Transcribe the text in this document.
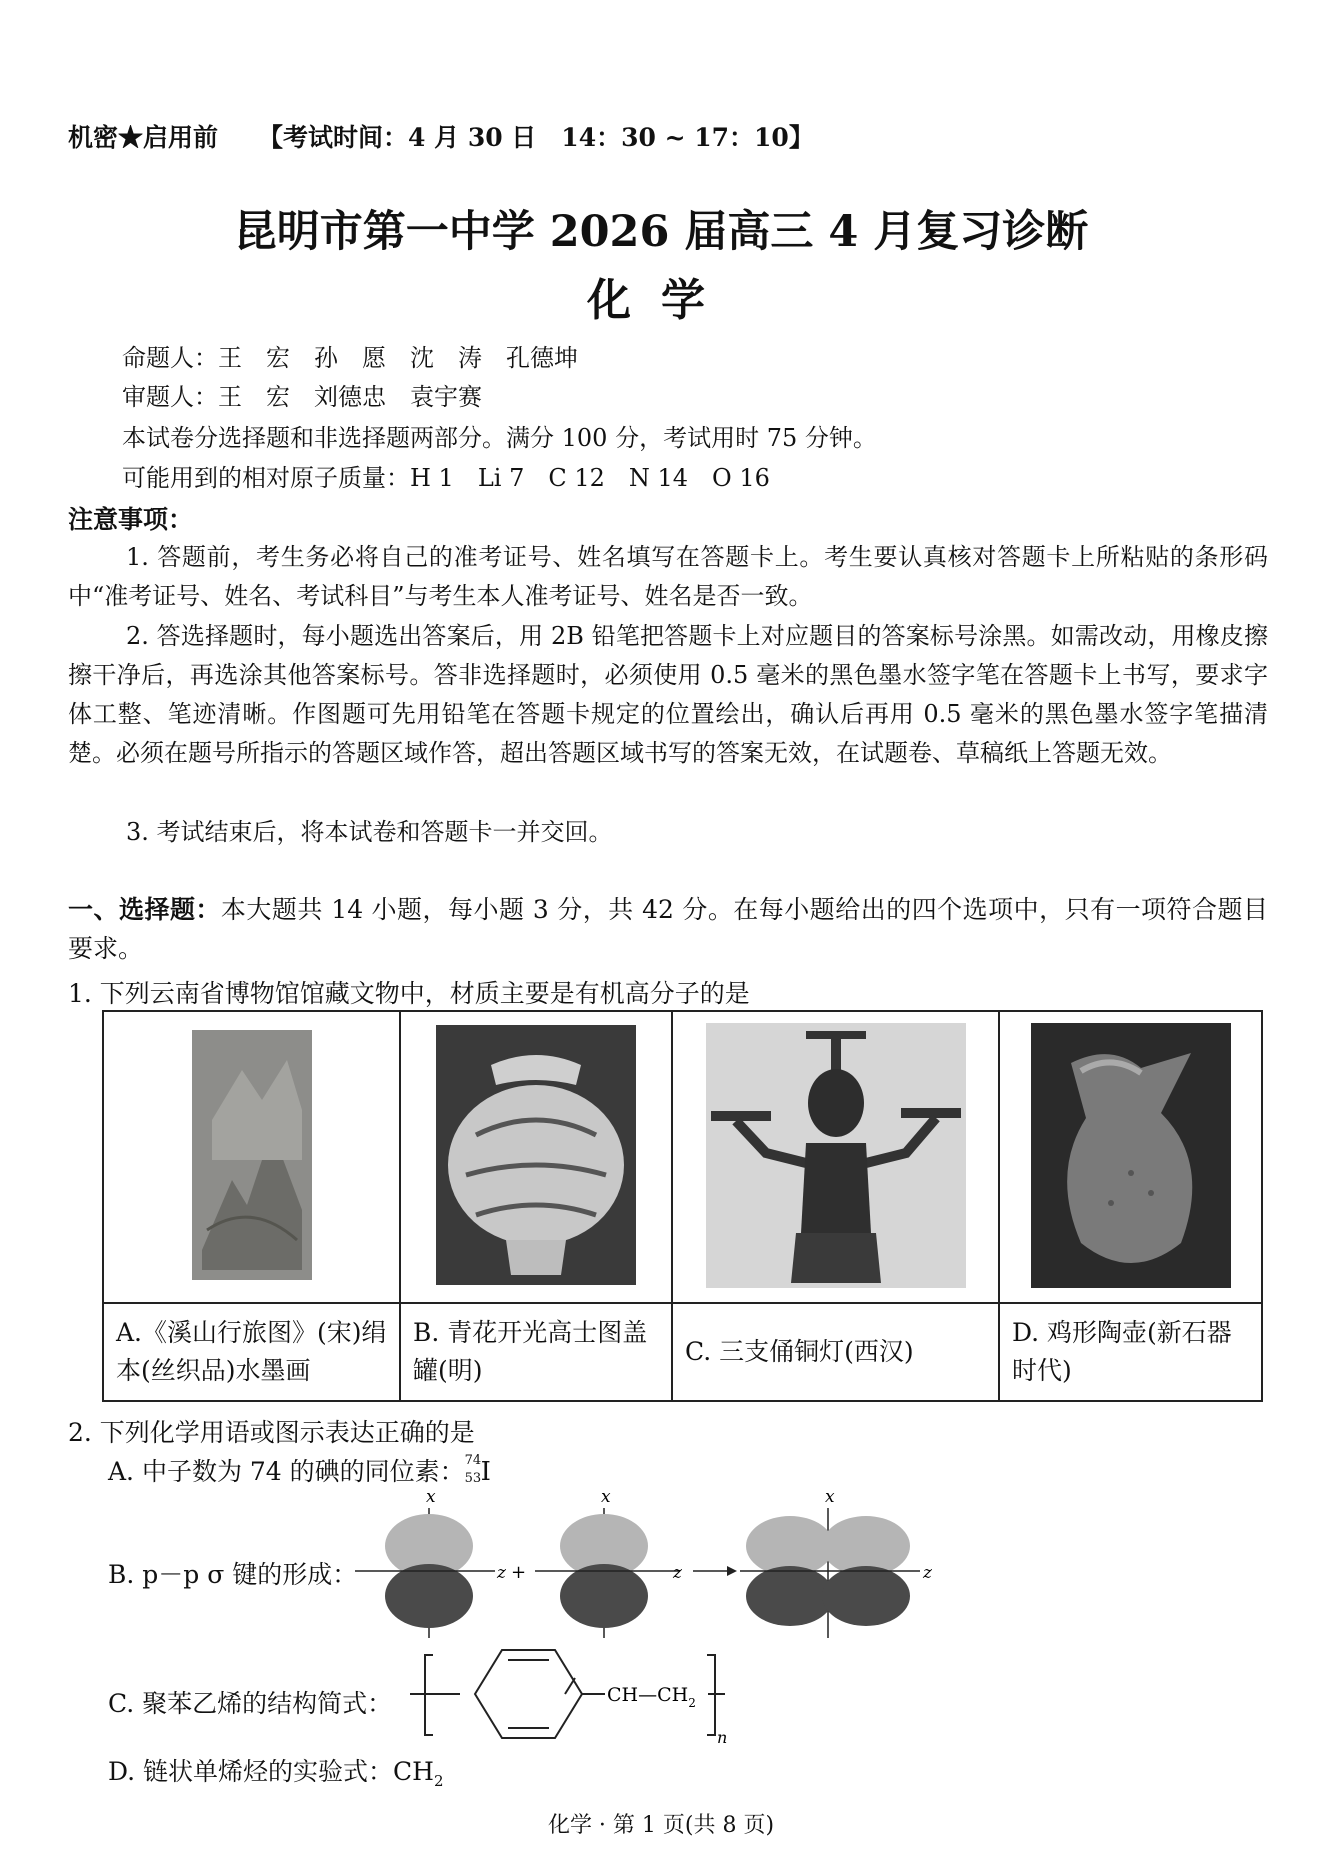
机密★启用前 【考试时间：4 月 30 日　14：30 ~ 17：10】
昆明市第一中学 2026 届高三 4 月复习诊断
化学
命题人：王　宏　孙　愿　沈　涛　孔德坤
审题人：王　宏　刘德忠　袁宇赛
本试卷分选择题和非选择题两部分。满分 100 分，考试用时 75 分钟。
可能用到的相对原子质量：H 1　Li 7　C 12　N 14　O 16
注意事项：
1. 答题前，考生务必将自己的准考证号、姓名填写在答题卡上。考生要认真核对答题卡上所粘贴的条形码中“准考证号、姓名、考试科目”与考生本人准考证号、姓名是否一致。
2. 答选择题时，每小题选出答案后，用 2B 铅笔把答题卡上对应题目的答案标号涂黑。如需改动，用橡皮擦擦干净后，再选涂其他答案标号。答非选择题时，必须使用 0.5 毫米的黑色墨水签字笔在答题卡上书写，要求字体工整、笔迹清晰。作图题可先用铅笔在答题卡规定的位置绘出，确认后再用 0.5 毫米的黑色墨水签字笔描清楚。必须在题号所指示的答题区域作答，超出答题区域书写的答案无效，在试题卷、草稿纸上答题无效。
3. 考试结束后，将本试卷和答题卡一并交回。
一、选择题：本大题共 14 小题，每小题 3 分，共 42 分。在每小题给出的四个选项中，只有一项符合题目要求。
1. 下列云南省博物馆馆藏文物中，材质主要是有机高分子的是

A.《溪山行旅图》(宋)绢本(丝织品)水墨画	B. 青花开光高士图盖罐(明)	C. 三支俑铜灯(西汉)	D. 鸡形陶壶(新石器时代)
2. 下列化学用语或图示表达正确的是
A. 中子数为 74 的碘的同位素： 74
53 I
B. p－p σ 键的形成：
x
z +
x
z
x
z
C. 聚苯乙烯的结构简式：	$CH—CH_2$
n
D. 链状单烯烃的实验式：$CH_2$
化学 · 第 1 页(共 8 页)
